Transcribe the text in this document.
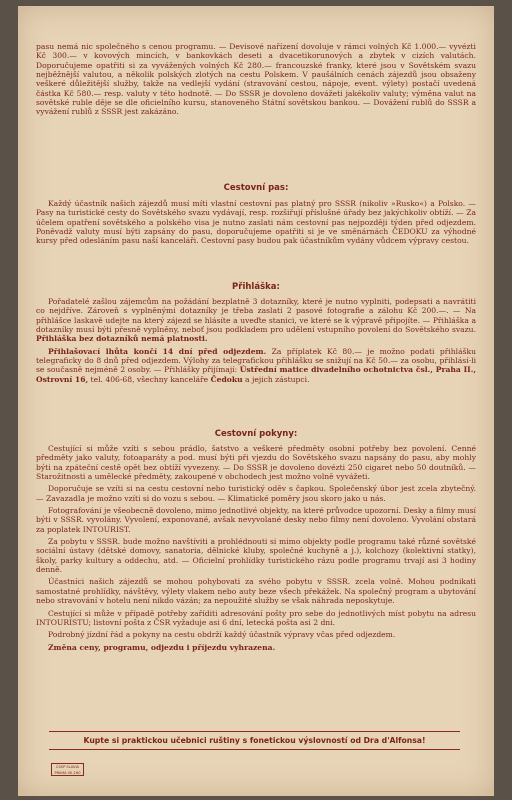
pasu nemá nic společného s cenou programu. — Devisové nařízení dovoluje v rámci volných Kč 1.000.— vyvézti Kč 300.— v kovových mincích, v bankovkách deseti a dvacetikorunových a zbytek v cizích valutách. Doporučujeme opatřiti si za vyvážených volných Kč 280.— francouzské franky, které jsou v Sovětském svazu nejběžnější valutou, a několik polských zlotých na cestu Polskem. V paušálních cenách zájezdů jsou obsaženy veškeré důležitější služby, takže na vedlejší vydání (stravování cestou, nápoje, event. výlety) postačí uvedená částka Kč 580.— resp. valuty v této hodnotě. — Do SSSR je dovoleno dovážeti jakékoliv valuty; výměna valut na sovětské ruble děje se dle oficielního kursu, stanoveného Státní sovětskou bankou. — Dovážení rublů do SSSR a vyvážení rublů z SSSR jest zakázáno.

Cestovní pas:

Každý účastník našich zájezdů musí míti vlastní cestovní pas platný pro SSSR (nikoliv »Rusko«) a Polsko. — Pasy na turistické cesty do Sovětského svazu vydávají, resp. rozšiřují příslušné úřady bez jakýchkoliv obtíží. — Za účelem opatření sovětského a polského visa je nutno zaslati nám cestovní pas nejpozději týden před odjezdem. Poněvadž valuty musí býti zapsány do pasu, doporučujeme opatřiti si je ve směnárnách ČEDOKU za výhodné kursy před odesláním pasu naší kanceláři. Cestovní pasy budou pak účastníkům vydány vůdcem výpravy cestou.

Přihláška:

Pořadatelé zašlou zájemcům na požádání bezplatně 3 dotazníky, které je nutno vyplniti, podepsati a navrátiti co nejdříve. Zároveň s vyplněnými dotazníky je třeba zaslati 2 pasové fotografie a zálohu Kč 200.—. — Na přihlášce laskavě udejte na který zájezd se hlásíte a uveďte stanici, ve které se k výpravě připojíte. — Přihláška a dotazníky musí býti přesně vyplněny, neboť jsou podkladem pro udělení vstupního povolení do Sovětského svazu. Přihláška bez dotazníků nemá platnosti.

Přihlašovací lhůta končí 14 dní před odjezdem. Za příplatek Kč 80.— je možno podati přihlášku telegraficky do 8 dnů před odjezdem. Výlohy za telegrafickou přihlášku se snižují na Kč 50.— za osobu, přihlásí-li se současně nejméně 2 osoby. — Přihlášky přijímají: Ústřední matice divadelního ochotnictva čsl., Praha II., Ostrovní 16, tel. 406-68, všechny kanceláře Čedoku a jejich zástupci.

Cestovní pokyny:

Cestující si může vzíti s sebou prádlo, šatstvo a veškeré předměty osobní potřeby bez povolení. Cenné předměty jako valuty, fotoaparáty a pod. musí býti při vjezdu do Sovětského svazu napsány do pasu, aby mohly býti na zpáteční cestě opět bez obtíží vyvezeny. — Do SSSR je dovoleno dovézti 250 cigaret nebo 50 doutníků. — Starožitnosti a umělecké předměty, zakoupené v obchodech jest možno volně vyvážeti.

Doporučuje se vzíti si na cestu cestovní nebo turistický oděv s čapkou. Společenský úbor jest zcela zbytečný. — Zavazadla je možno vzíti si do vozu s sebou. — Klimatické poměry jsou skoro jako u nás.

Fotografování je všeobecně dovoleno, mimo jednotlivé objekty, na které průvodce upozorní. Desky a filmy musí býti v SSSR. vyvolány. Vyvolení, exponované, avšak nevyvolané desky nebo filmy není dovoleno. Vyvolání obstará za poplatek INTOURIST.

Za pobytu v SSSR. bude možno navštíviti a prohlédnouti si mimo objekty podle programu také různé sovětské sociální ústavy (dětské domovy, sanatoria, dělnické kluby, společné kuchyně a j.), kolchozy (kolektivní statky), školy, parky kultury a oddechu, atd. — Oficielní prohlídky turistického rázu podle programu trvají asi 3 hodiny denně.

Účastníci našich zájezdů se mohou pohybovati za svého pobytu v SSSR. zcela volně. Mohou podnikati samostatné prohlídky, návštěvy, výlety vlakem nebo auty beze všech překážek. Na společný program a ubytování nebo stravování v hotelu není nikdo vázán; za nepoužité služby se však náhrada neposkytuje.

Cestující si může v případě potřeby zaříditi adresování pošty pro sebe do jednotlivých míst pobytu na adresu INTOURISTU; listovní pošta z ČSR vyžaduje asi 6 dní, letecká pošta asi 2 dni.

Podrobný jízdní řád a pokyny na cestu obdrží každý účastník výpravy včas před odjezdem.

Změna ceny, programu, odjezdu i příjezdu vyhrazena.

Kupte si praktickou učebnici ruštiny s fonetickou výslovností od Dra d'Alfonsa!

ČSSP SLAVIA
PRAHA VII-160
